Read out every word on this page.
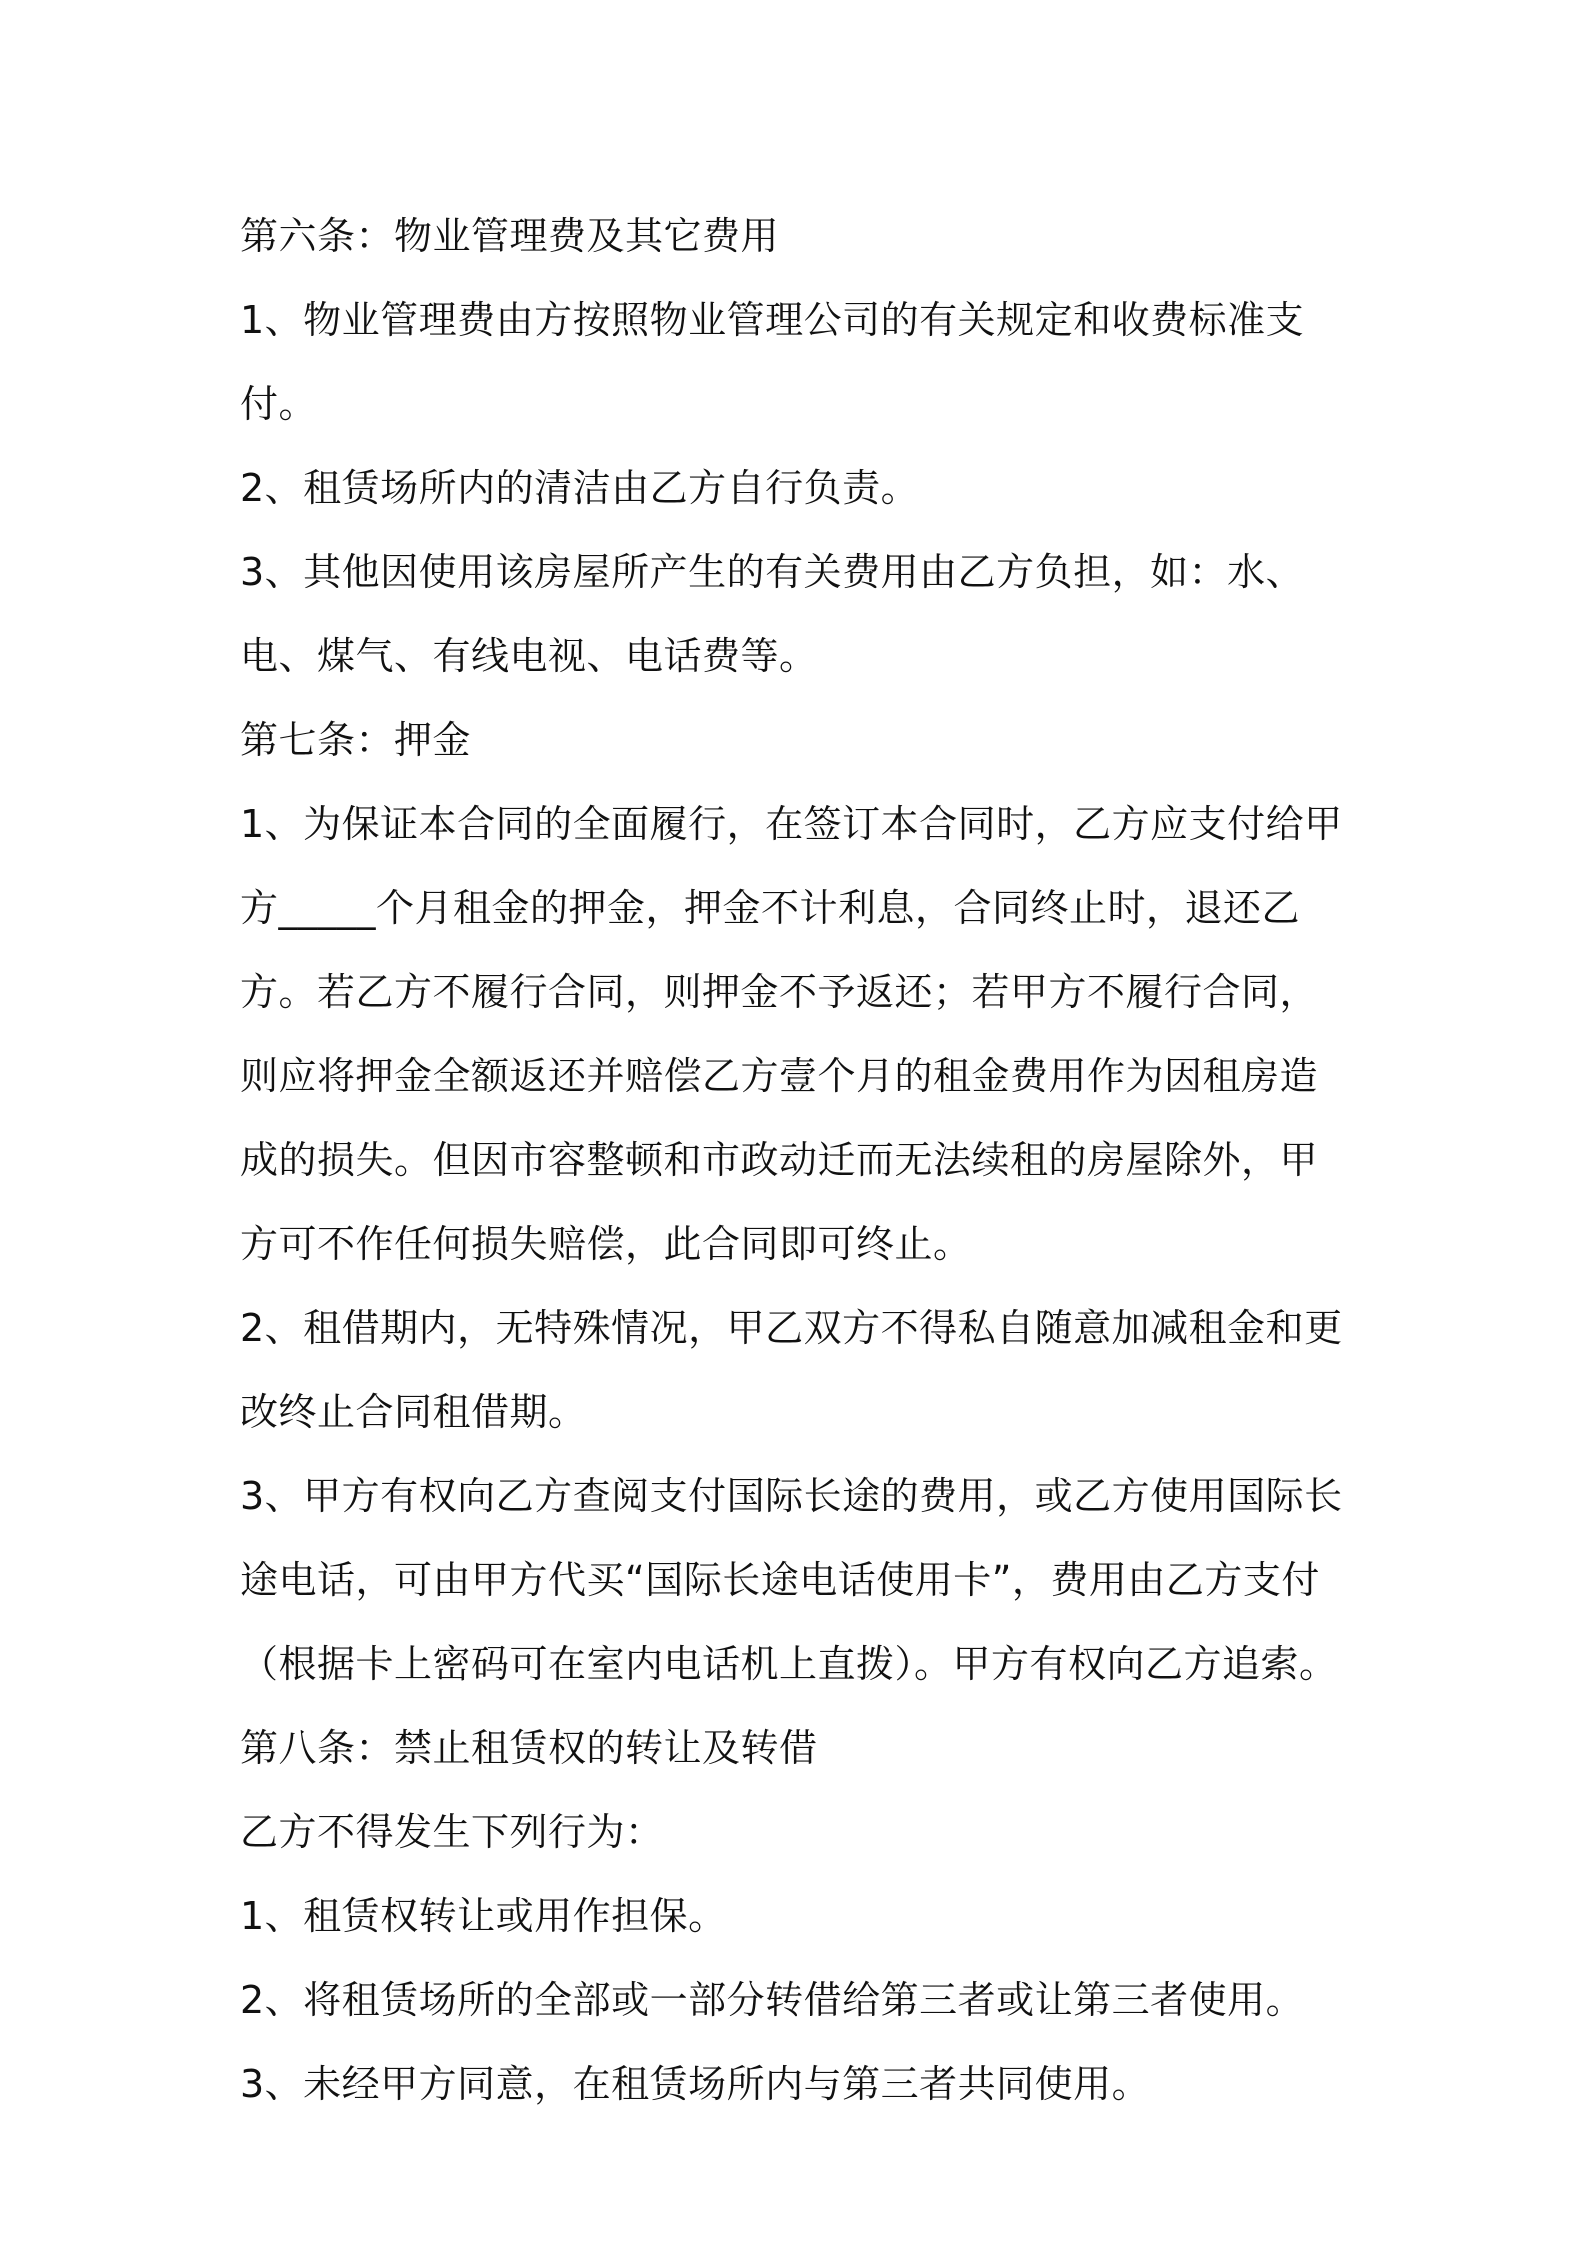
第六条：物业管理费及其它费用

1、物业管理费由方按照物业管理公司的有关规定和收费标准支付。

2、租赁场所内的清洁由乙方自行负责。

3、其他因使用该房屋所产生的有关费用由乙方负担，如：水、电、煤气、有线电视、电话费等。

第七条：押金

1、为保证本合同的全面履行，在签订本合同时，乙方应支付给甲方_____个月租金的押金，押金不计利息，合同终止时，退还乙方。若乙方不履行合同，则押金不予返还；若甲方不履行合同，则应将押金全额返还并赔偿乙方壹个月的租金费用作为因租房造成的损失。但因市容整顿和市政动迁而无法续租的房屋除外，甲方可不作任何损失赔偿，此合同即可终止。

2、租借期内，无特殊情况，甲乙双方不得私自随意加减租金和更改终止合同租借期。

3、甲方有权向乙方查阅支付国际长途的费用，或乙方使用国际长途电话，可由甲方代买“国际长途电话使用卡”，费用由乙方支付（根据卡上密码可在室内电话机上直拨）。甲方有权向乙方追索。

第八条：禁止租赁权的转让及转借

乙方不得发生下列行为：

1、租赁权转让或用作担保。

2、将租赁场所的全部或一部分转借给第三者或让第三者使用。

3、未经甲方同意，在租赁场所内与第三者共同使用。
